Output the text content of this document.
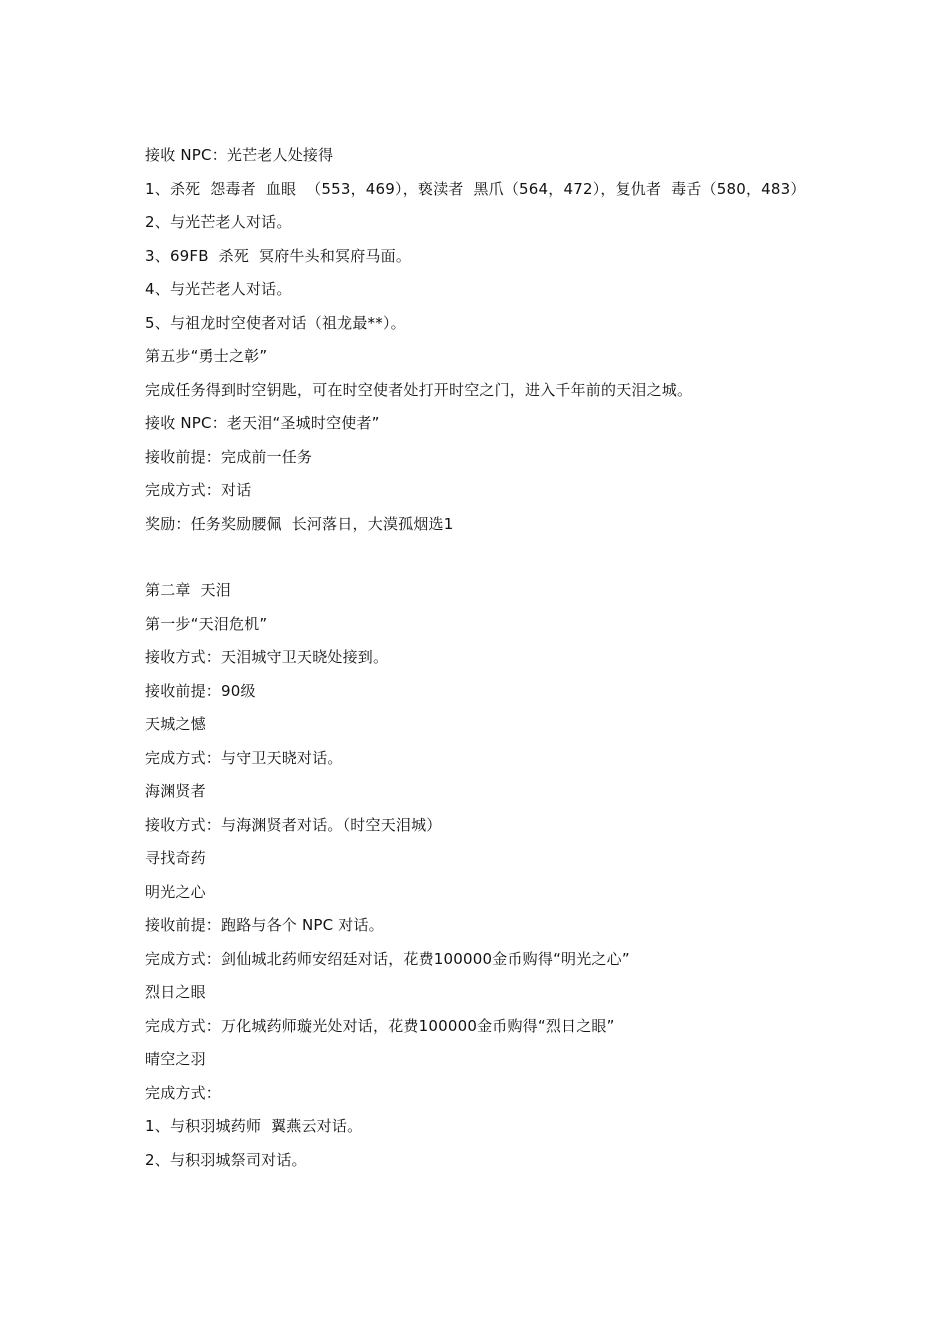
接收 NPC：光芒老人处接得
1、杀死  怨毒者  血眼  （553，469），亵渎者  黑爪（564，472），复仇者  毒舌（580，483）
2、与光芒老人对话。
3、69FB  杀死  冥府牛头和冥府马面。
4、与光芒老人对话。
5、与祖龙时空使者对话（祖龙最**）。
第五步“勇士之彰”
完成任务得到时空钥匙，可在时空使者处打开时空之门，进入千年前的天泪之城。
接收 NPC：老天泪“圣城时空使者”
接收前提：完成前一任务
完成方式：对话
奖励：任务奖励腰佩  长河落日，大漠孤烟选1
第二章  天泪
第一步“天泪危机”
接收方式：天泪城守卫天晓处接到。
接收前提：90级
天城之憾
完成方式：与守卫天晓对话。
海渊贤者
接收方式：与海渊贤者对话。（时空天泪城）
寻找奇药
明光之心
接收前提：跑路与各个 NPC 对话。
完成方式：剑仙城北药师安绍廷对话，花费100000金币购得“明光之心”
烈日之眼
完成方式：万化城药师璇光处对话，花费100000金币购得“烈日之眼”
晴空之羽
完成方式：
1、与积羽城药师  翼燕云对话。
2、与积羽城祭司对话。
